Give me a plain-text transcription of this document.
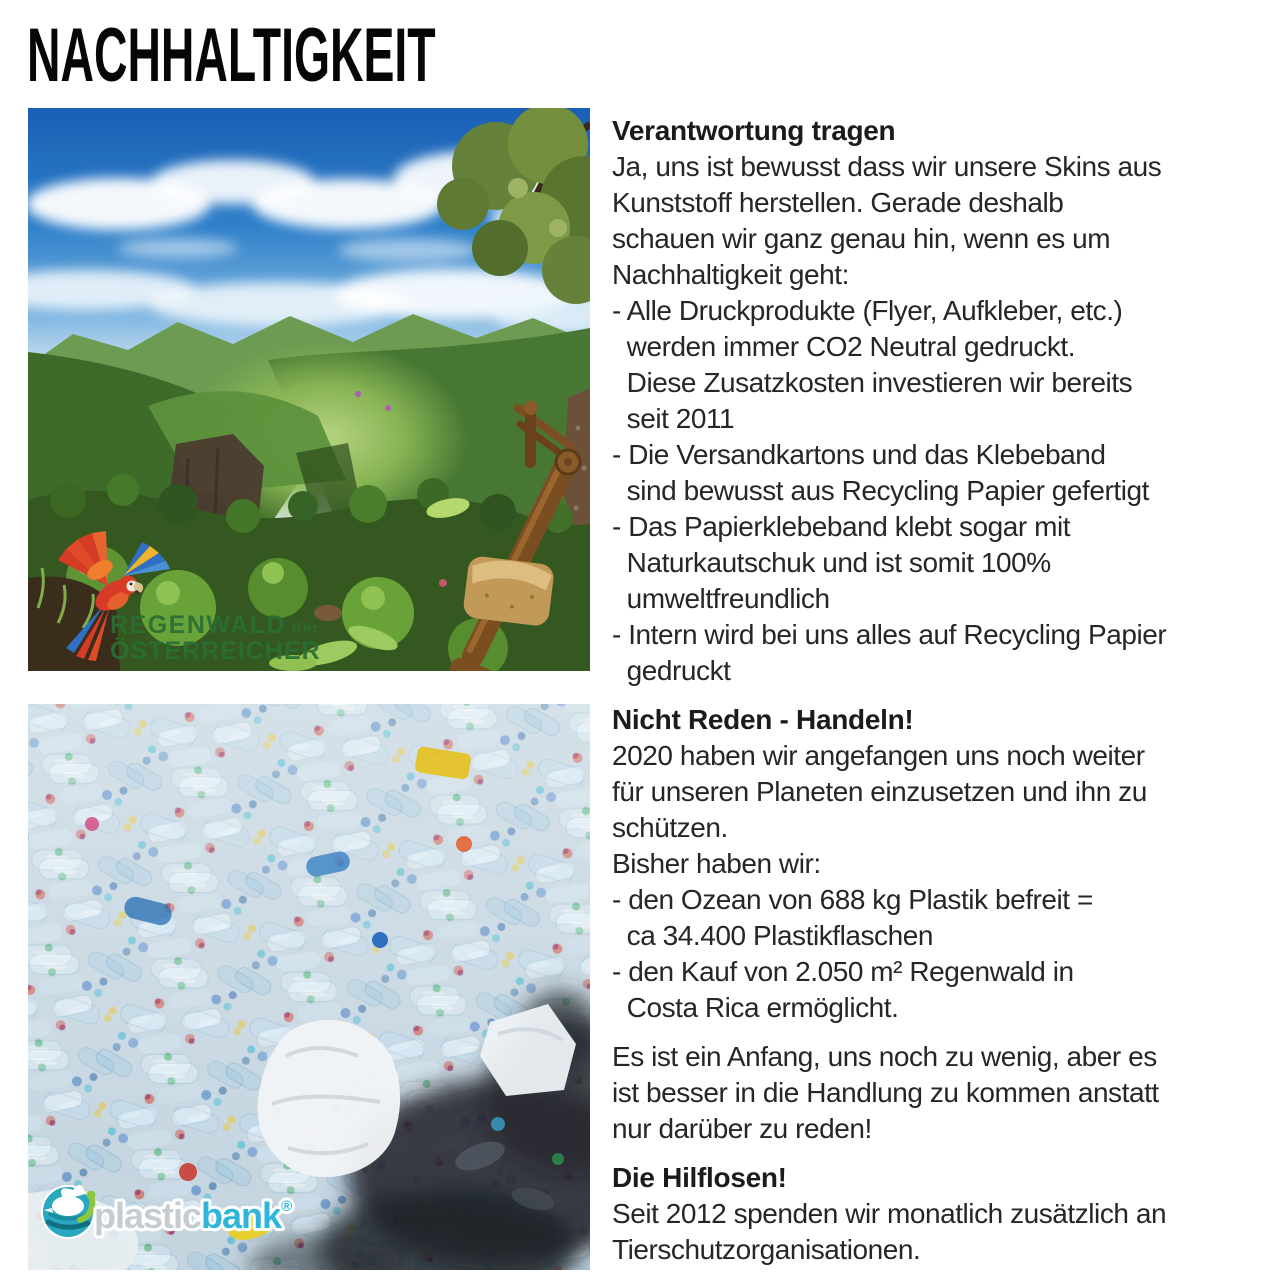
NACHHALTIGKEIT
REGENWALD der
ÖSTERREICHER
plasticbank®
Verantwortung tragen
Ja, uns ist bewusst dass wir unsere Skins aus
Kunststoff herstellen. Gerade deshalb
schauen wir ganz genau hin, wenn es um
Nachhaltigkeit geht:
- Alle Druckprodukte (Flyer, Aufkleber, etc.)
werden immer CO2 Neutral gedruckt.
Diese Zusatzkosten investieren wir bereits
seit 2011
- Die Versandkartons und das Klebeband
sind bewusst aus Recycling Papier gefertigt
- Das Papierklebeband klebt sogar mit
Naturkautschuk und ist somit 100%
umweltfreundlich
- Intern wird bei uns alles auf Recycling Papier
gedruckt
Nicht Reden - Handeln!
2020 haben wir angefangen uns noch weiter
für unseren Planeten einzusetzen und ihn zu
schützen.
Bisher haben wir:
- den Ozean von 688 kg Plastik befreit =
ca 34.400 Plastikflaschen
- den Kauf von 2.050 m² Regenwald in
Costa Rica ermöglicht.
Es ist ein Anfang, uns noch zu wenig, aber es
ist besser in die Handlung zu kommen anstatt
nur darüber zu reden!
Die Hilflosen!
Seit 2012 spenden wir monatlich zusätzlich an
Tierschutzorganisationen.
